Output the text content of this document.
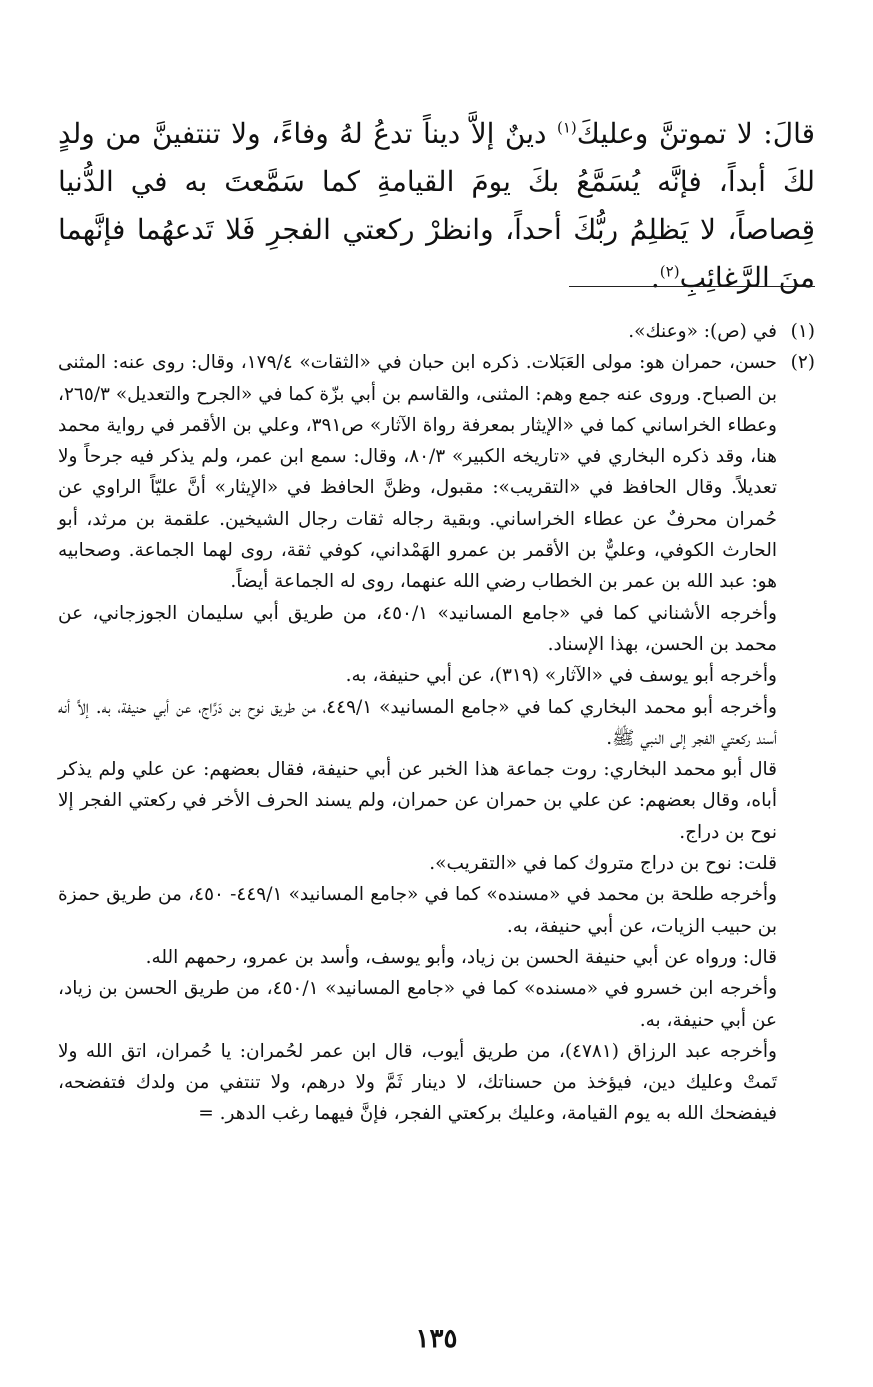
قالَ: لا تموتنَّ وعليكَ$^{(١)}$ دينٌ إلاَّ ديناً تدعُ لهُ وفاءً، ولا تنتفينَّ من ولدٍ لكَ أبداً، فإنَّه يُسَمَّعُ بكَ يومَ القيامةِ كما سَمَّعتَ به في الدُّنيا قِصاصاً، لا يَظلِمُ ربُّكَ أحداً، وانظرْ ركعتي الفجرِ فَلا تَدعهُما فإنَّهما منَ الرَّغائِبِ$^{(٢)}$.

(١)

في (ص): «وعنك».

(٢)

حسن، حمران هو: مولى العَبَلات. ذكره ابن حبان في «الثقات» ١٧٩/٤، وقال: روى عنه: المثنى بن الصباح. وروى عنه جمع وهم: المثنى، والقاسم بن أبي بزّة كما في «الجرح والتعديل» ٢٦٥/٣، وعطاء الخراساني كما في «الإيثار بمعرفة رواة الآثار» ص٣٩١، وعلي بن الأقمر في رواية محمد هنا، وقد ذكره البخاري في «تاريخه الكبير» ٨٠/٣، وقال: سمع ابن عمر، ولم يذكر فيه جرحاً ولا تعديلاً. وقال الحافظ في «التقريب»: مقبول، وظنَّ الحافظ في «الإيثار» أنَّ عليّاً الراوي عن حُمران محرفٌ عن عطاء الخراساني. وبقية رجاله ثقات رجال الشيخين. علقمة بن مرثد، أبو الحارث الكوفي، وعليٌّ بن الأقمر بن عمرو الهَمْداني، كوفي ثقة، روى لهما الجماعة. وصحابيه هو: عبد الله بن عمر بن الخطاب رضي الله عنهما، روى له الجماعة أيضاً.

وأخرجه الأشناني كما في «جامع المسانيد» ٤٥٠/١، من طريق أبي سليمان الجوزجاني، عن محمد بن الحسن، بهذا الإسناد.

وأخرجه أبو يوسف في «الآثار» (٣١٩)، عن أبي حنيفة، به.

وأخرجه أبو محمد البخاري كما في «جامع المسانيد» ٤٤٩/١، من طريق نوح بن دَرَّاج، عن أبي حنيفة، به. إلاَّ أنه أسند ركعتي الفجر إلى النبي ﷺ.

قال أبو محمد البخاري: روت جماعة هذا الخبر عن أبي حنيفة، فقال بعضهم: عن علي ولم يذكر أباه، وقال بعضهم: عن علي بن حمران عن حمران، ولم يسند الحرف الأخر في ركعتي الفجر إلا نوح بن دراج.

قلت: نوح بن دراج متروك كما في «التقريب».

وأخرجه طلحة بن محمد في «مسنده» كما في «جامع المسانيد» ٤٤٩/١- ٤٥٠، من طريق حمزة بن حبيب الزيات، عن أبي حنيفة، به.

قال: ورواه عن أبي حنيفة الحسن بن زياد، وأبو يوسف، وأسد بن عمرو، رحمهم الله.

وأخرجه ابن خسرو في «مسنده» كما في «جامع المسانيد» ٤٥٠/١، من طريق الحسن بن زياد، عن أبي حنيفة، به.

وأخرجه عبد الرزاق (٤٧٨١)، من طريق أيوب، قال ابن عمر لحُمران: يا حُمران، اتق الله ولا تَمتْ وعليك دين، فيؤخذ من حسناتك، لا دينار ثَمَّ ولا درهم، ولا تنتفي من ولدك فتفضحه، فيفضحك الله به يوم القيامة، وعليك بركعتي الفجر، فإنَّ فيهما رغب الدهر. =

١٣٥
